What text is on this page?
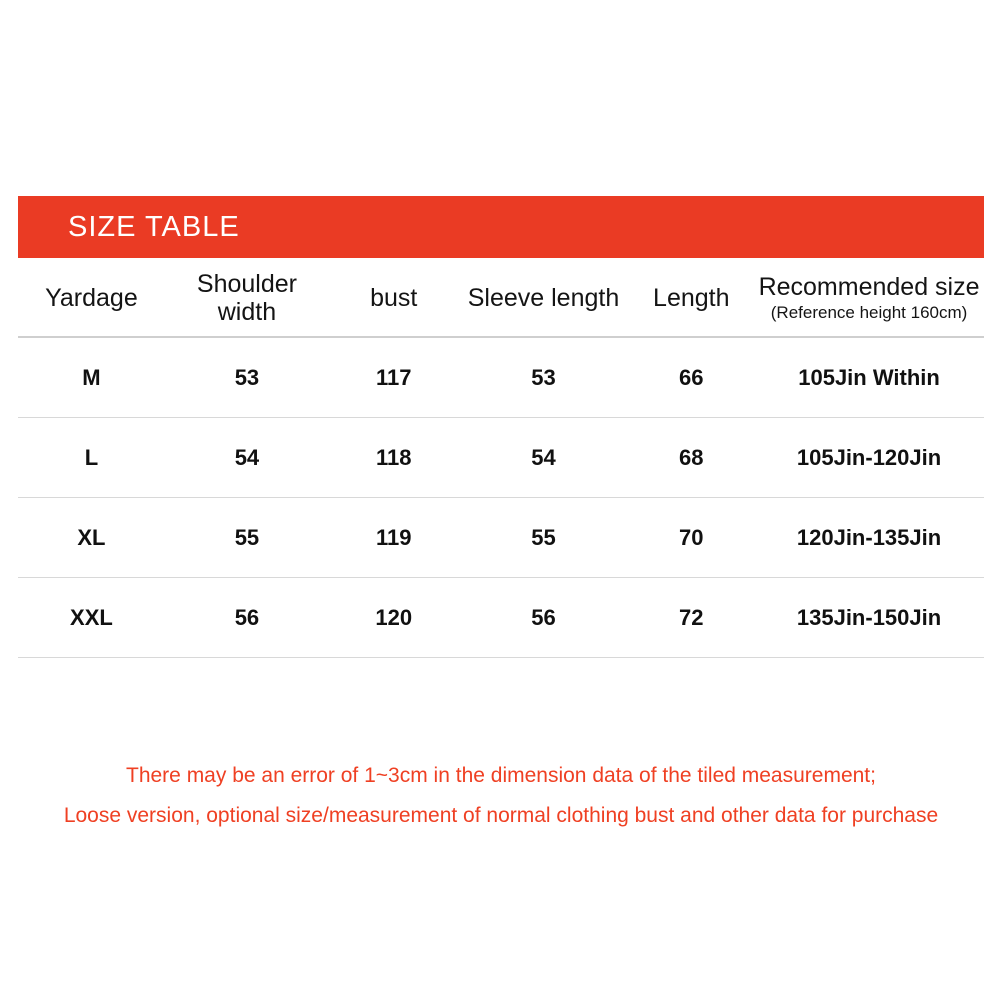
SIZE TABLE
Yardage	Shoulder width	bust	Sleeve length	Length	Recommended size
(Reference height 160cm)

M	53	117	53	66	105Jin Within
L	54	118	54	68	105Jin-120Jin
XL	55	119	55	70	120Jin-135Jin
XXL	56	120	56	72	135Jin-150Jin
There may be an error of 1~3cm in the dimension data of the tiled measurement;
Loose version, optional size/measurement of normal clothing bust and other data for purchase
